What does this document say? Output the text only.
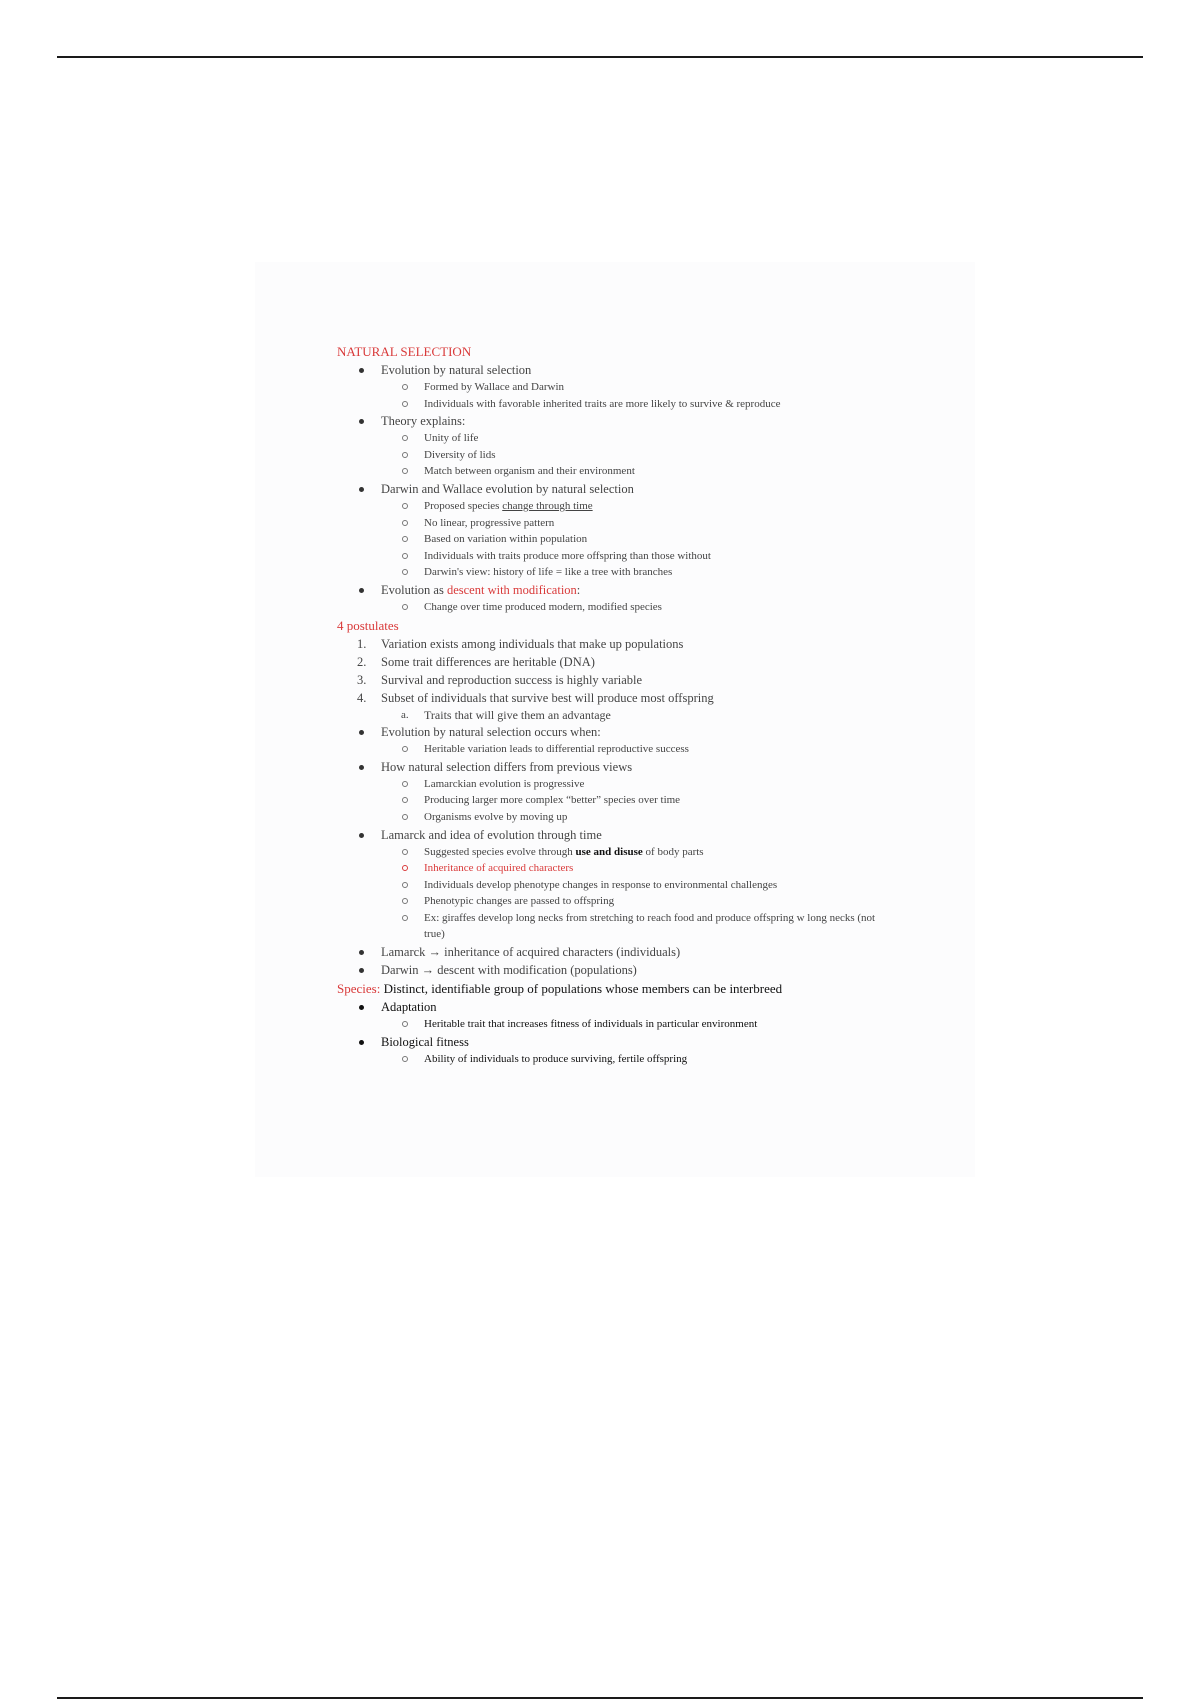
NATURAL SELECTION
Evolution by natural selection
Formed by Wallace and Darwin
Individuals with favorable inherited traits are more likely to survive & reproduce
Theory explains:
Unity of life
Diversity of lids
Match between organism and their environment
Darwin and Wallace evolution by natural selection
Proposed species change through time
No linear, progressive pattern
Based on variation within population
Individuals with traits produce more offspring than those without
Darwin's view: history of life = like a tree with branches
Evolution as descent with modification:
Change over time produced modern, modified species
4 postulates
1. Variation exists among individuals that make up populations
2. Some trait differences are heritable (DNA)
3. Survival and reproduction success is highly variable
4. Subset of individuals that survive best will produce most offspring
a. Traits that will give them an advantage
Evolution by natural selection occurs when:
Heritable variation leads to differential reproductive success
How natural selection differs from previous views
Lamarckian evolution is progressive
Producing larger more complex “better” species over time
Organisms evolve by moving up
Lamarck and idea of evolution through time
Suggested species evolve through use and disuse of body parts
Inheritance of acquired characters
Individuals develop phenotype changes in response to environmental challenges
Phenotypic changes are passed to offspring
Ex: giraffes develop long necks from stretching to reach food and produce offspring w long necks (not true)
Lamarck → inheritance of acquired characters (individuals)
Darwin → descent with modification (populations)
Species: Distinct, identifiable group of populations whose members can be interbreed
Adaptation
Heritable trait that increases fitness of individuals in particular environment
Biological fitness
Ability of individuals to produce surviving, fertile offspring
